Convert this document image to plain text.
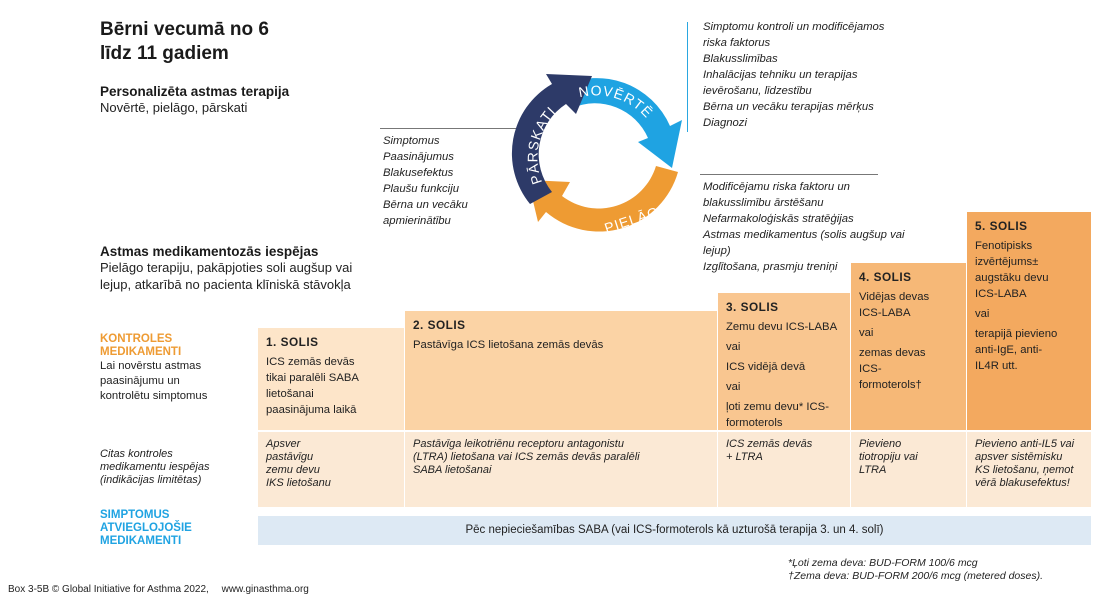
Bērni vecumā no 6
līdz 11 gadiem
Personalizēta astmas terapija
Novērtē, pielāgo, pārskati
NOVĒRTĒ
PĀRSKATI
PIELĀGO
Simptomu kontroli un modificējamos
riska faktorus
Blakusslimības
Inhalācijas tehniku un terapijas
ievērošanu, līdzestību
Bērna un vecāku terapijas mērķus
Diagnozi
Simptomus
Paasinājumus
Blakusefektus
Plaušu funkciju
Bērna un vecāku
apmierinātību
Modificējamu riska faktoru un
blakusslimību ārstēšanu
Nefarmakoloģiskās stratēģijas
Astmas medikamentus (solis augšup vai
lejup)
Izglītošana, prasmju treniņi
Astmas medikamentozās iespējas
Pielāgo terapiju, pakāpjoties soli augšup vai
lejup, atkarībā no pacienta klīniskā stāvokļa
KONTROLES
MEDIKAMENTI
Lai novērstu astmas
paasinājumu un
kontrolētu simptomus
Citas kontroles
medikamentu iespējas
(indikācijas limitētas)
SIMPTOMUS
ATVIEGLOJOŠIE
MEDIKAMENTI
1. SOLIS
ICS zemās devās
tikai paralēli SABA
lietošanai
paasinājuma laikā
2. SOLIS
Pastāvīga ICS lietošana zemās devās
3. SOLIS
Zemu devu ICS-LABA
vai
ICS vidējā devā
vai
ļoti zemu devu* ICS-
formoterols
4. SOLIS
Vidējas devas
ICS-LABA
vai
zemas devas
ICS-
formoterols†
5. SOLIS
Fenotipisks
izvērtējums±
augstāku devu
ICS-LABA
vai
terapijā pievieno
anti-IgE, anti-
IL4R utt.
Apsver
pastāvīgu
zemu devu
IKS lietošanu
Pastāvīga leikotriēnu receptoru antagonistu
(LTRA) lietošana vai ICS zemās devās paralēli
SABA lietošanai
ICS zemās devās
+ LTRA
Pievieno
tiotropiju vai
LTRA
Pievieno anti-IL5 vai
apsver sistēmisku
KS lietošanu, ņemot
vērā blakusefektus!
Pēc nepieciešamības SABA (vai ICS-formoterols kā uzturošā terapija 3. un 4. solī)
*Ļoti zema deva: BUD-FORM 100/6 mcg
†Zema deva: BUD-FORM 200/6 mcg (metered doses).
Box 3-5B © Global Initiative for Asthma 2022, www.ginasthma.org
